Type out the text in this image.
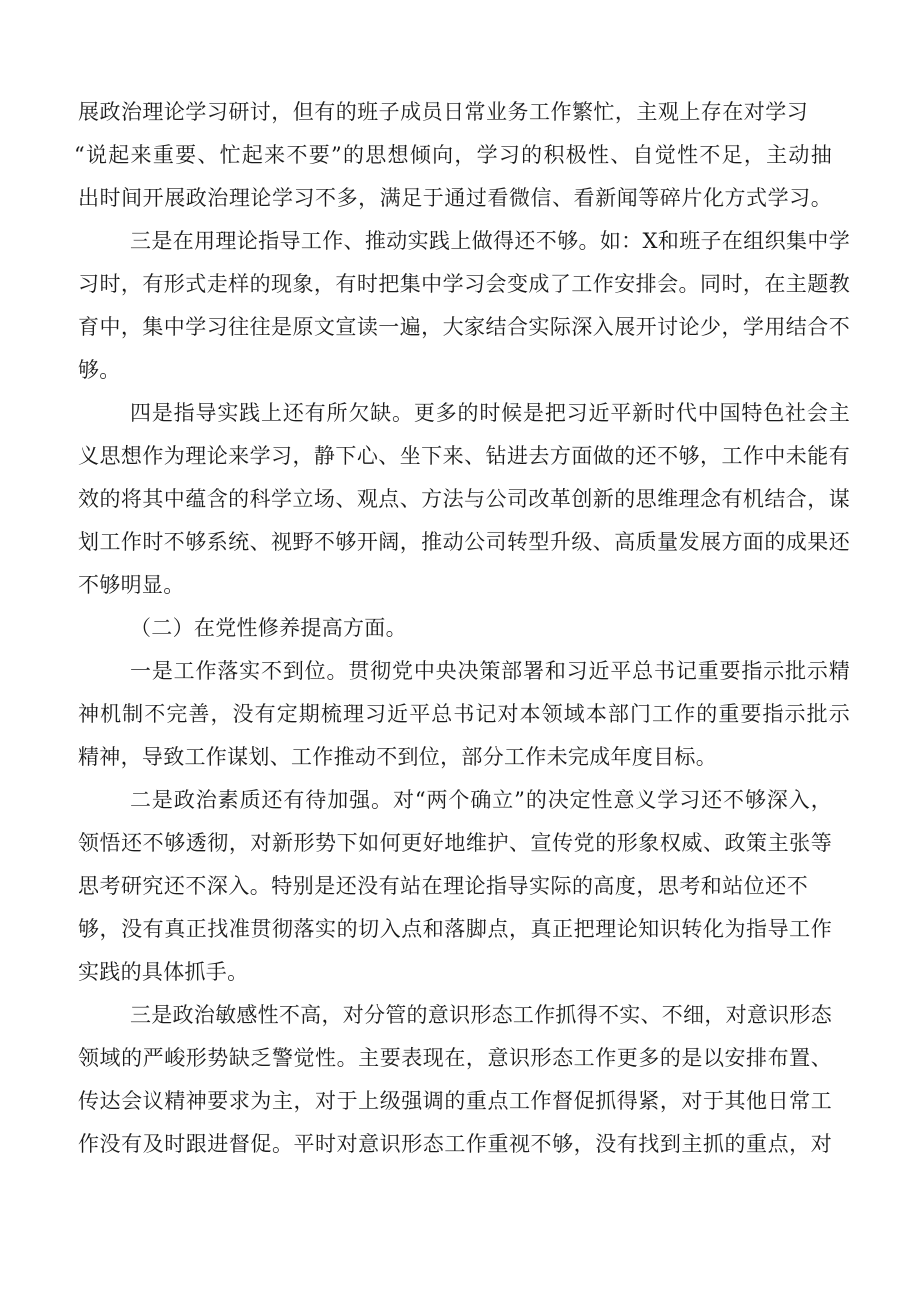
展政治理论学习研讨，但有的班子成员日常业务工作繁忙，主观上存在对学习
“说起来重要、忙起来不要”的思想倾向，学习的积极性、自觉性不足，主动抽
出时间开展政治理论学习不多，满足于通过看微信、看新闻等碎片化方式学习。
三是在用理论指导工作、推动实践上做得还不够。如：X和班子在组织集中学
习时，有形式走样的现象，有时把集中学习会变成了工作安排会。同时，在主题教
育中，集中学习往往是原文宣读一遍，大家结合实际深入展开讨论少，学用结合不
够。
四是指导实践上还有所欠缺。更多的时候是把习近平新时代中国特色社会主
义思想作为理论来学习，静下心、坐下来、钻进去方面做的还不够，工作中未能有
效的将其中蕴含的科学立场、观点、方法与公司改革创新的思维理念有机结合，谋
划工作时不够系统、视野不够开阔，推动公司转型升级、高质量发展方面的成果还
不够明显。
（二）在党性修养提高方面。
一是工作落实不到位。贯彻党中央决策部署和习近平总书记重要指示批示精
神机制不完善，没有定期梳理习近平总书记对本领域本部门工作的重要指示批示
精神，导致工作谋划、工作推动不到位，部分工作未完成年度目标。
二是政治素质还有待加强。对“两个确立”的决定性意义学习还不够深入，
领悟还不够透彻，对新形势下如何更好地维护、宣传党的形象权威、政策主张等
思考研究还不深入。特别是还没有站在理论指导实际的高度，思考和站位还不
够，没有真正找准贯彻落实的切入点和落脚点，真正把理论知识转化为指导工作
实践的具体抓手。
三是政治敏感性不高，对分管的意识形态工作抓得不实、不细，对意识形态
领域的严峻形势缺乏警觉性。主要表现在，意识形态工作更多的是以安排布置、
传达会议精神要求为主，对于上级强调的重点工作督促抓得紧，对于其他日常工
作没有及时跟进督促。平时对意识形态工作重视不够，没有找到主抓的重点，对
